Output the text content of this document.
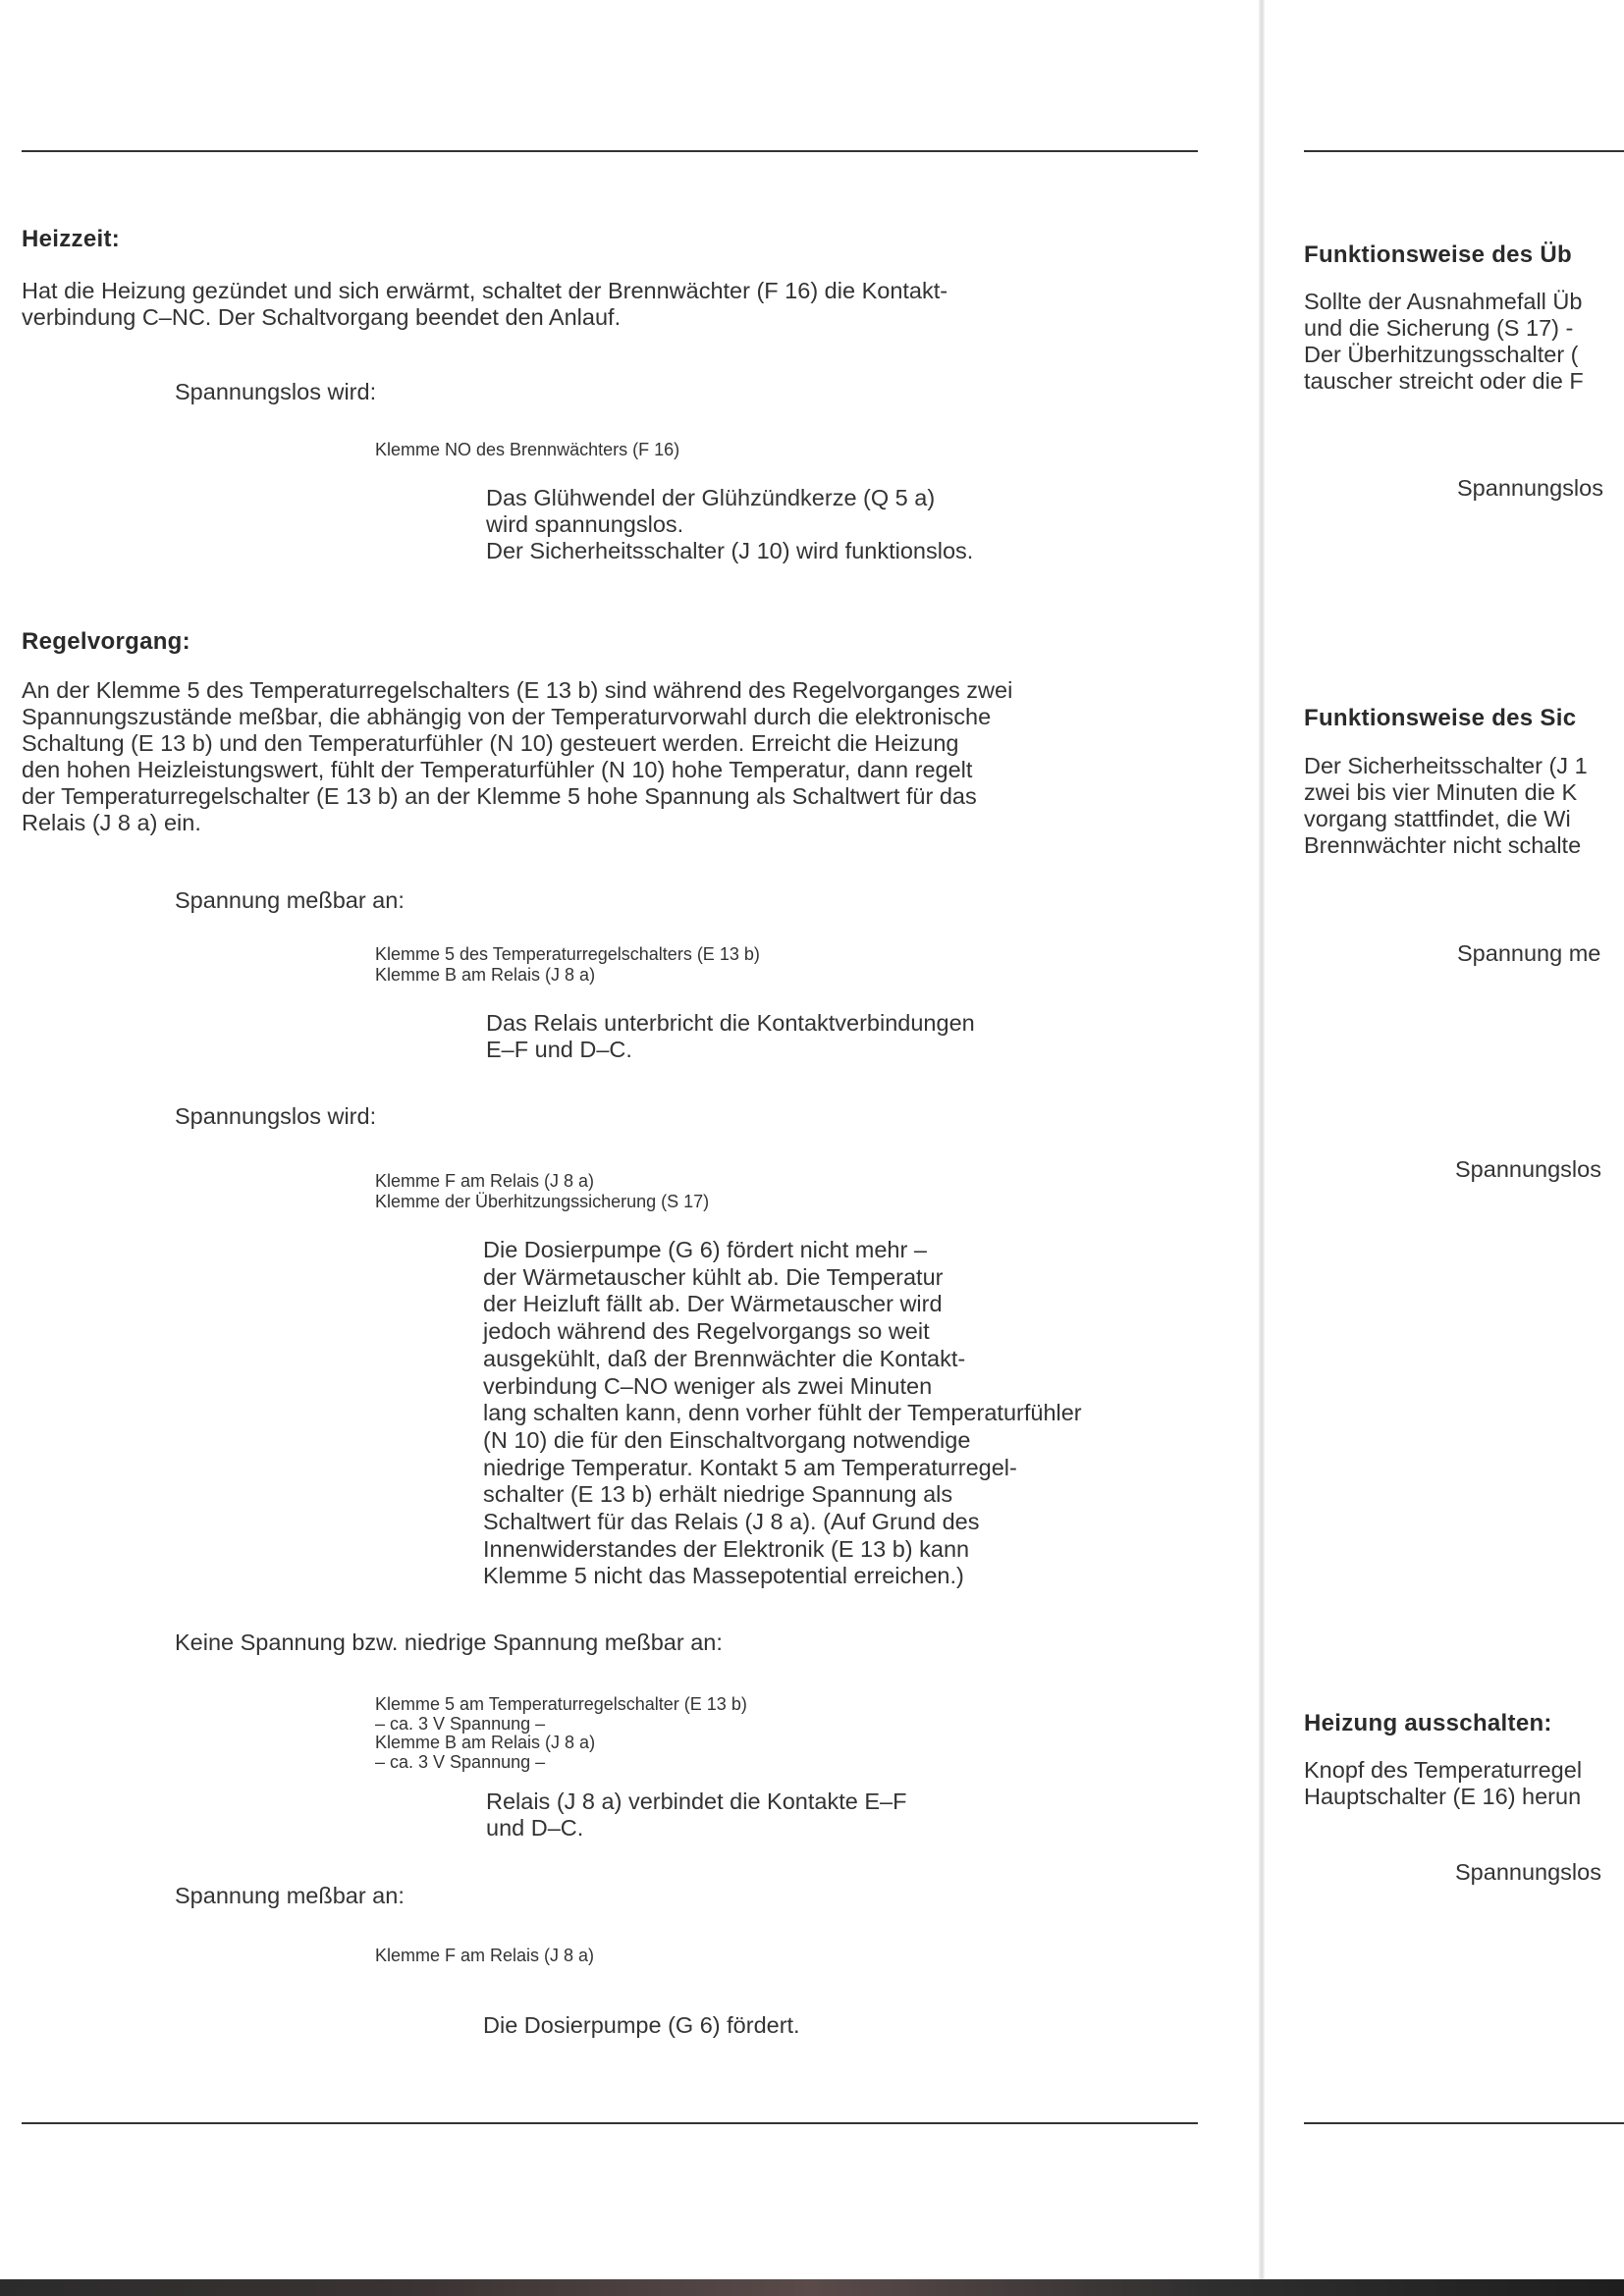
Heizzeit:
Hat die Heizung gezündet und sich erwärmt, schaltet der Brennwächter (F 16) die Kontakt-
verbindung C–NC. Der Schaltvorgang beendet den Anlauf.
Spannungslos wird:
Klemme NO des Brennwächters (F 16)
Das Glühwendel der Glühzündkerze (Q 5 a)
wird spannungslos.
Der Sicherheitsschalter (J 10) wird funktionslos.
Regelvorgang:
An der Klemme 5 des Temperaturregelschalters (E 13 b) sind während des Regelvorganges zwei
Spannungszustände meßbar, die abhängig von der Temperaturvorwahl durch die elektronische
Schaltung (E 13 b) und den Temperaturfühler (N 10) gesteuert werden. Erreicht die Heizung
den hohen Heizleistungswert, fühlt der Temperaturfühler (N 10) hohe Temperatur, dann regelt
der Temperaturregelschalter (E 13 b) an der Klemme 5 hohe Spannung als Schaltwert für das
Relais (J 8 a) ein.
Spannung meßbar an:
Klemme 5 des Temperaturregelschalters (E 13 b)
Klemme B am Relais (J 8 a)
Das Relais unterbricht die Kontaktverbindungen
E–F und D–C.
Spannungslos wird:
Klemme F am Relais (J 8 a)
Klemme der Überhitzungssicherung (S 17)
Die Dosierpumpe (G 6) fördert nicht mehr –
der Wärmetauscher kühlt ab. Die Temperatur
der Heizluft fällt ab. Der Wärmetauscher wird
jedoch während des Regelvorgangs so weit
ausgekühlt, daß der Brennwächter die Kontakt-
verbindung C–NO weniger als zwei Minuten
lang schalten kann, denn vorher fühlt der Temperaturfühler
(N 10) die für den Einschaltvorgang notwendige
niedrige Temperatur. Kontakt 5 am Temperaturregel-
schalter (E 13 b) erhält niedrige Spannung als
Schaltwert für das Relais (J 8 a). (Auf Grund des
Innenwiderstandes der Elektronik (E 13 b) kann
Klemme 5 nicht das Massepotential erreichen.)
Keine Spannung bzw. niedrige Spannung meßbar an:
Klemme 5 am Temperaturregelschalter (E 13 b)
– ca. 3 V Spannung –
Klemme B am Relais (J 8 a)
– ca. 3 V Spannung –
Relais (J 8 a) verbindet die Kontakte E–F
und D–C.
Spannung meßbar an:
Klemme F am Relais (J 8 a)
Die Dosierpumpe (G 6) fördert.
Funktionsweise des Üb
Sollte der Ausnahmefall Üb
und die Sicherung (S 17) -
Der Überhitzungsschalter (
tauscher streicht oder die F
Spannungslos
Funktionsweise des Sic
Der Sicherheitsschalter (J 1
zwei bis vier Minuten die K
vorgang stattfindet, die Wi
Brennwächter nicht schalte
Spannung me
Spannungslos
Heizung ausschalten:
Knopf des Temperaturregel
Hauptschalter (E 16) herun
Spannungslos
